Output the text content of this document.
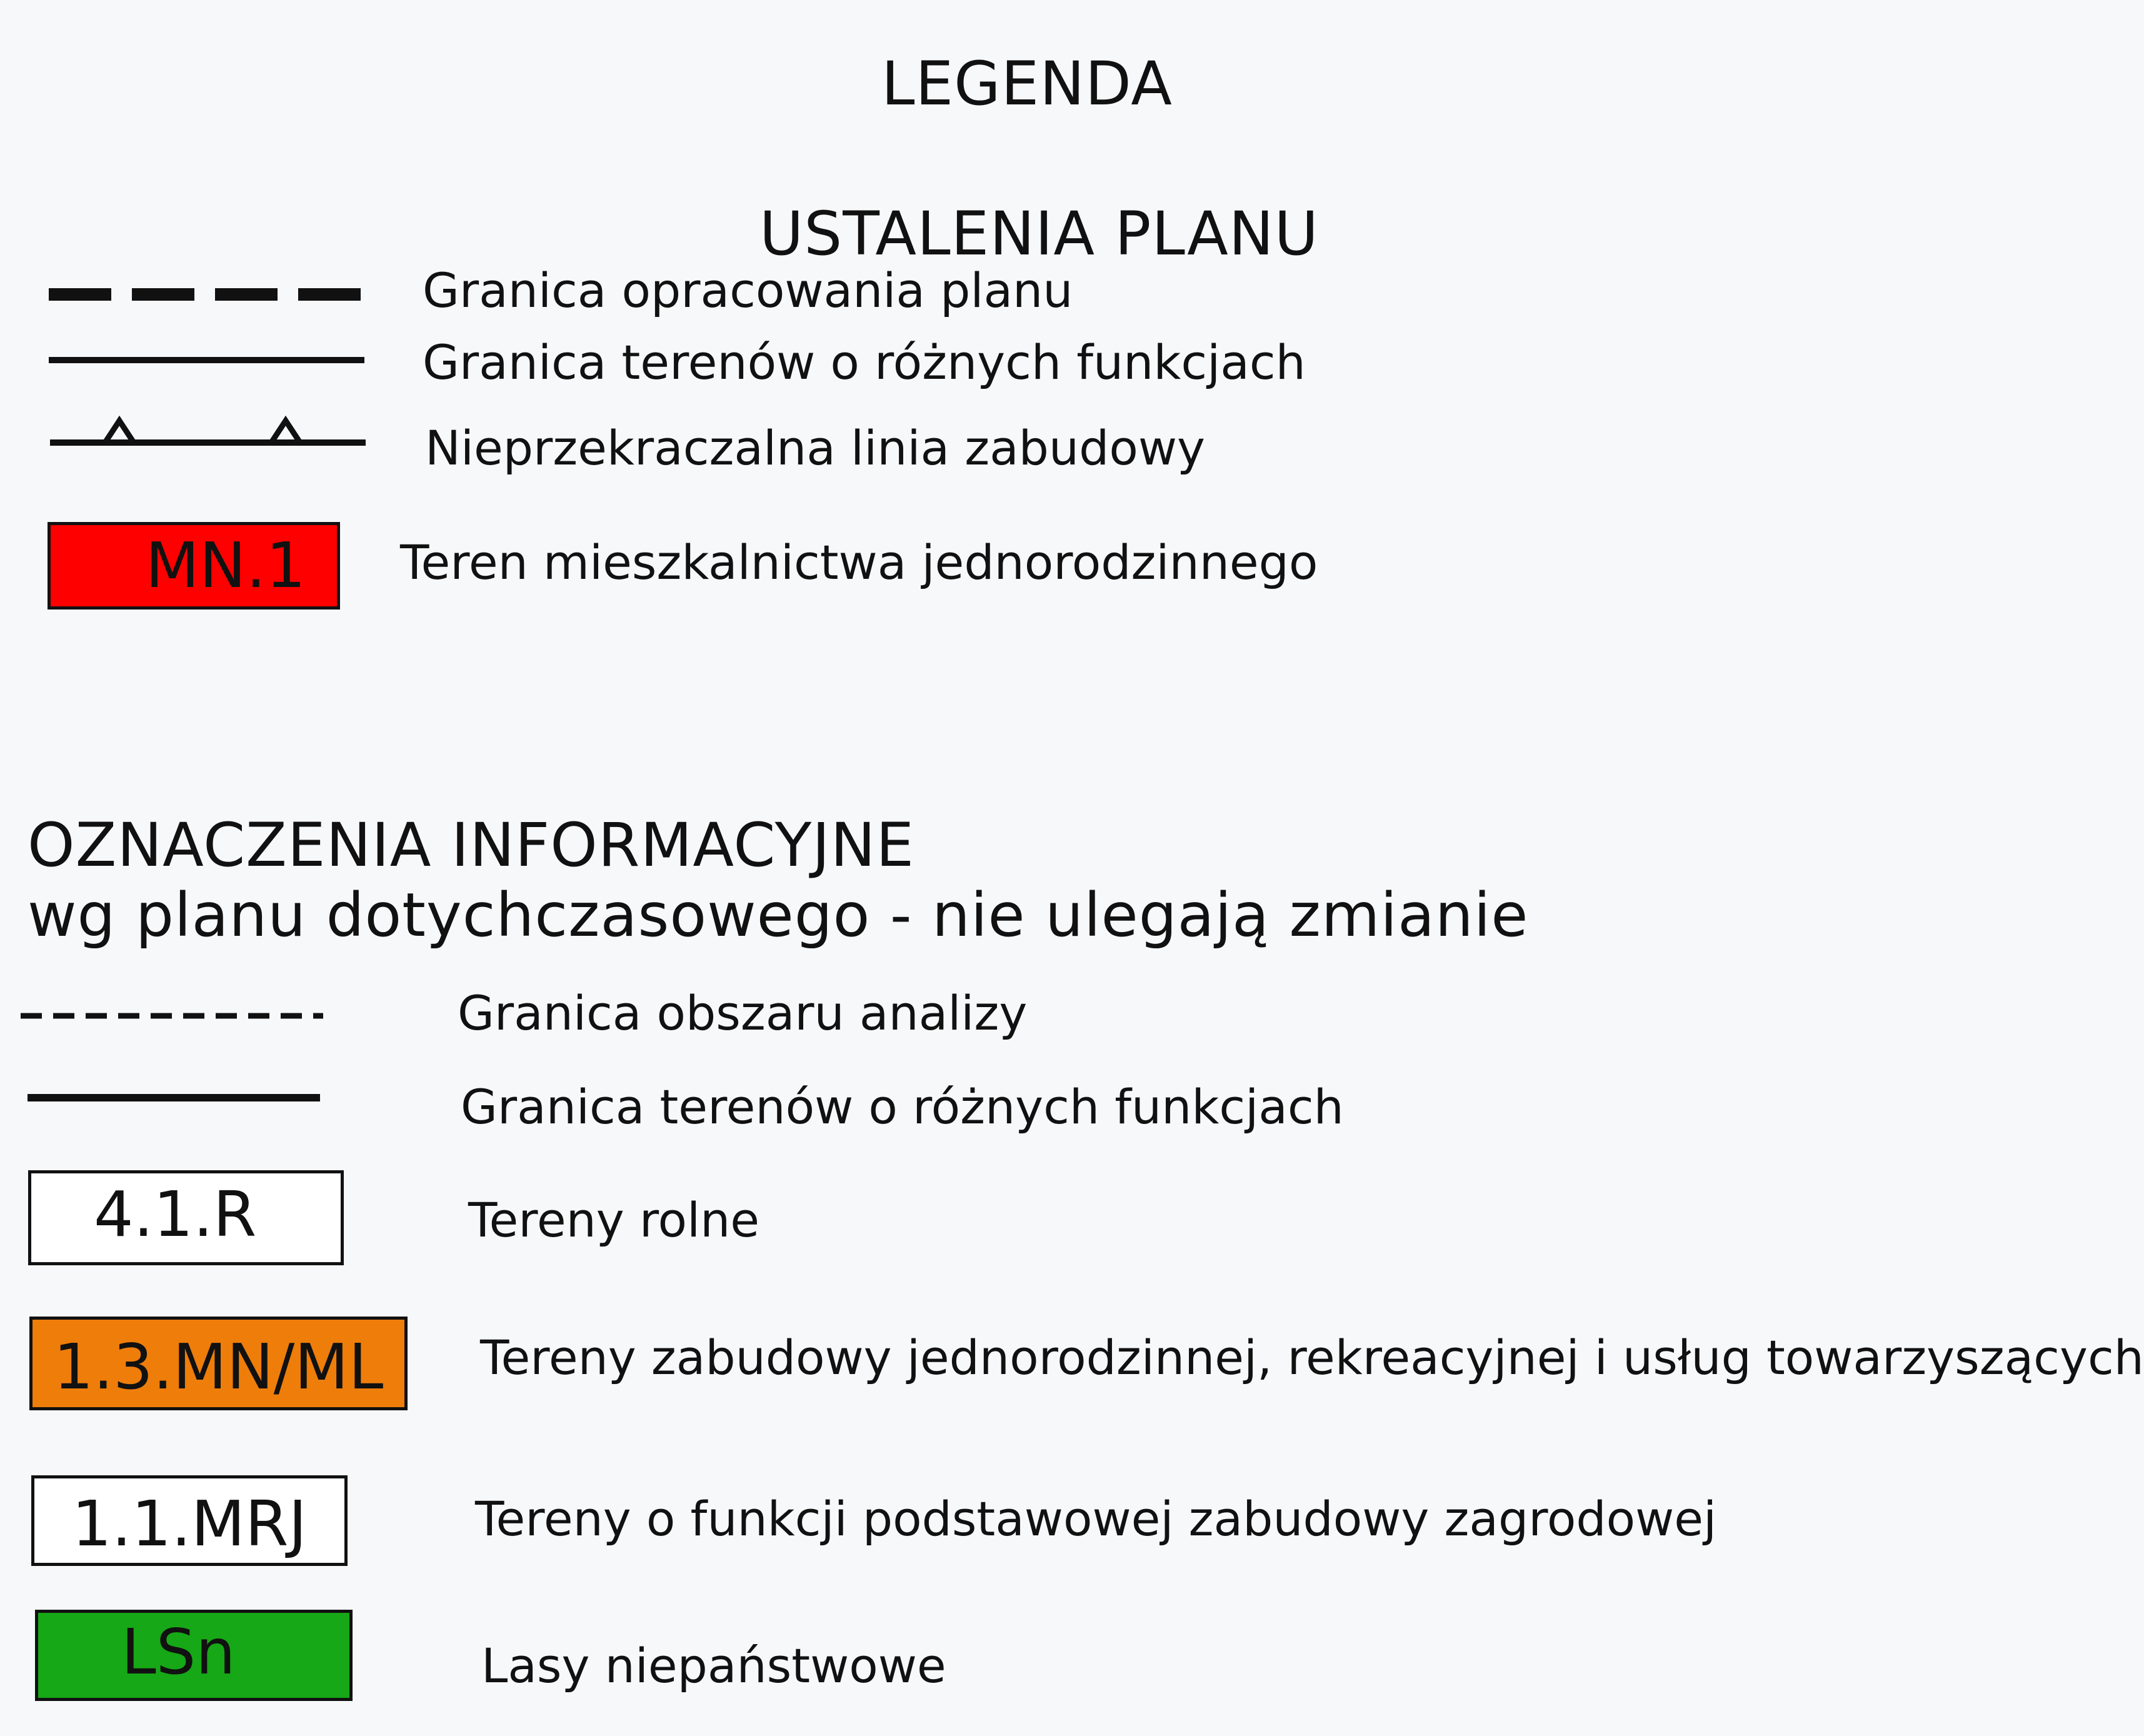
LEGENDA
USTALENIA PLANU
Granica opracowania planu
Granica terenów o różnych funkcjach
Nieprzekraczalna linia zabudowy
MN.1 Teren mieszkalnictwa jednorodzinnego
OZNACZENIA INFORMACYJNE
wg planu dotychczasowego - nie ulegają zmianie
Granica obszaru analizy
Granica terenów o różnych funkcjach
4.1.R	Tereny rolne
1.3.MN/ML Tereny zabudowy jednorodzinnej, rekreacyjnej i usług towarzyszących
1.1.MRJ	Tereny o funkcji podstawowej zabudowy zagrodowej
LSn	Lasy niepaństwowe
